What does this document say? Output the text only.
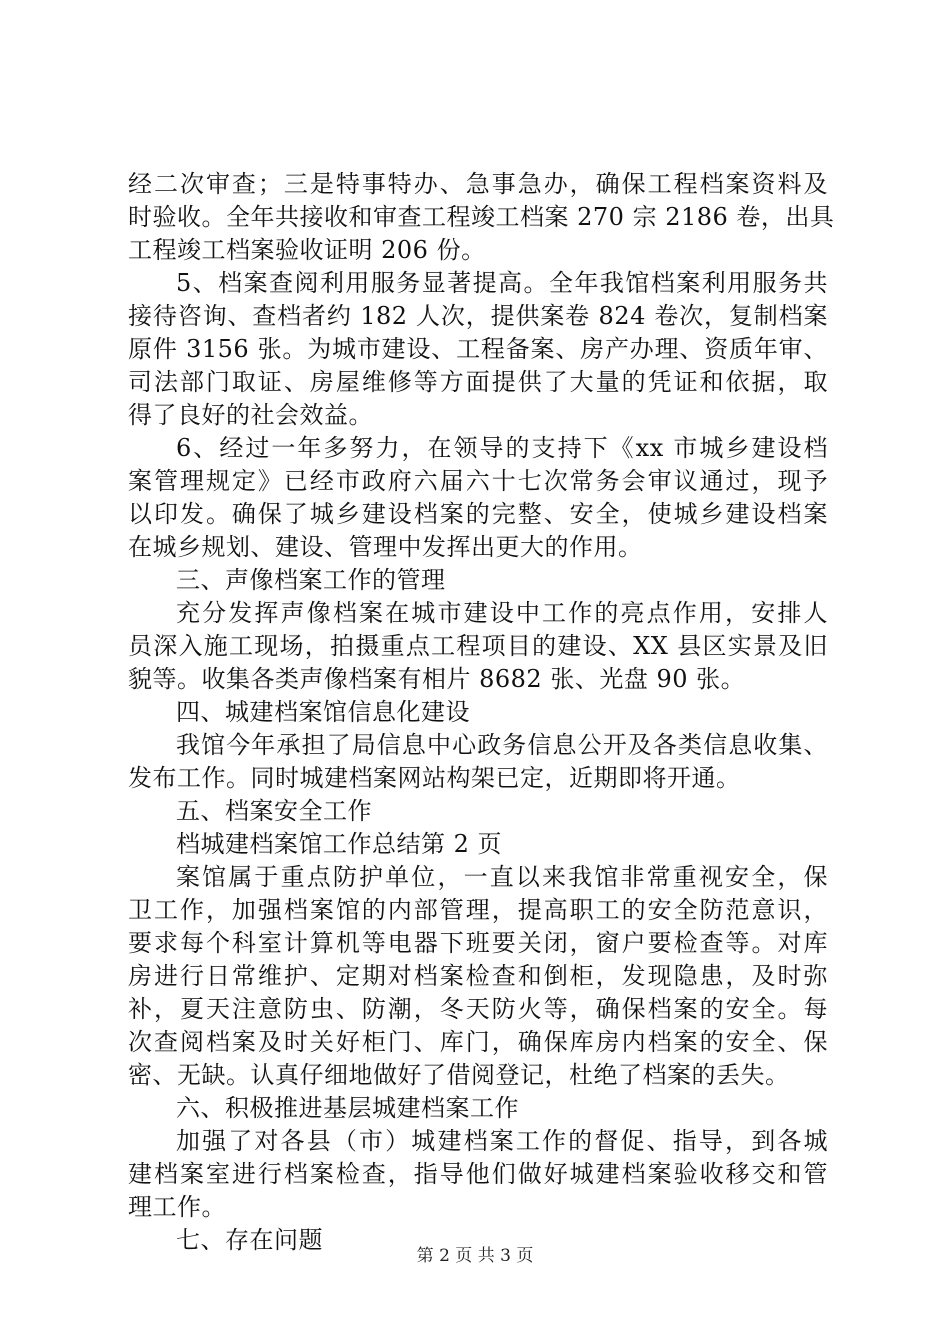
经二次审查；三是特事特办、急事急办，确保工程档案资料及
时验收。全年共接收和审查工程竣工档案 270 宗 2186 卷，出具
工程竣工档案验收证明 206 份。
5、档案查阅利用服务显著提高。全年我馆档案利用服务共
接待咨询、查档者约 182 人次，提供案卷 824 卷次，复制档案
原件 3156 张。为城市建设、工程备案、房产办理、资质年审、
司法部门取证、房屋维修等方面提供了大量的凭证和依据，取
得了良好的社会效益。
6、经过一年多努力，在领导的支持下《xx 市城乡建设档
案管理规定》已经市政府六届六十七次常务会审议通过，现予
以印发。确保了城乡建设档案的完整、安全，使城乡建设档案
在城乡规划、建设、管理中发挥出更大的作用。
三、声像档案工作的管理
充分发挥声像档案在城市建设中工作的亮点作用，安排人
员深入施工现场，拍摄重点工程项目的建设、XX 县区实景及旧
貌等。收集各类声像档案有相片 8682 张、光盘 90 张。
四、城建档案馆信息化建设
我馆今年承担了局信息中心政务信息公开及各类信息收集、
发布工作。同时城建档案网站构架已定，近期即将开通。
五、档案安全工作
档城建档案馆工作总结第 2 页
案馆属于重点防护单位，一直以来我馆非常重视安全，保
卫工作，加强档案馆的内部管理，提高职工的安全防范意识，
要求每个科室计算机等电器下班要关闭，窗户要检查等。对库
房进行日常维护、定期对档案检查和倒柜，发现隐患，及时弥
补，夏天注意防虫、防潮，冬天防火等，确保档案的安全。每
次查阅档案及时关好柜门、库门，确保库房内档案的安全、保
密、无缺。认真仔细地做好了借阅登记，杜绝了档案的丢失。
六、积极推进基层城建档案工作
加强了对各县（市）城建档案工作的督促、指导，到各城
建档案室进行档案检查，指导他们做好城建档案验收移交和管
理工作。
七、存在问题
第 2 页 共 3 页
